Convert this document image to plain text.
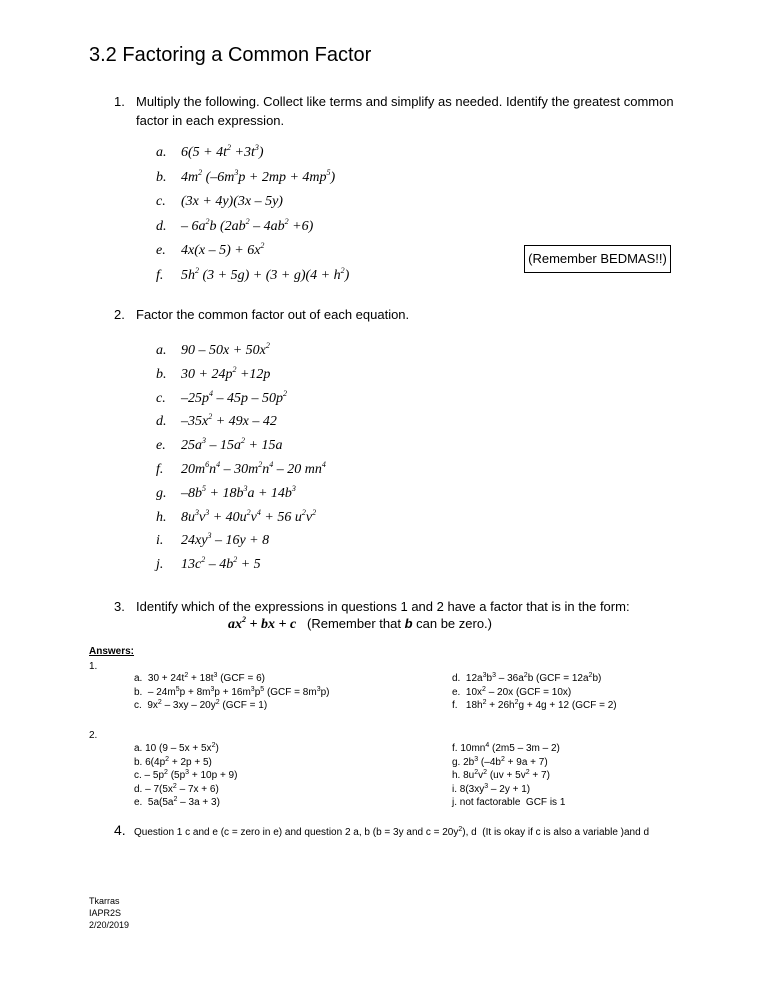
3.2 Factoring a Common Factor
1. Multiply the following. Collect like terms and simplify as needed. Identify the greatest common
factor in each expression.
a. $6(5 + 4t^2 +3t^3)$
b. $4m^2$ $(-6m^3p + 2mp + 4mp^5)$
c. (3x + 4y)(3x – 5y)
d. – $6a^2b$ $(2ab^2 - 4ab^2 +6)$
e. $4x(x - 5) + 6x^2$
f. $5h^2$ $(3 + 5g) + (3 + g)(4 + h^2)$
(Remember BEDMAS!!)
2. Factor the common factor out of each equation.
a. $90 - 50x + 50x^2$
b. $30 + 24p^2 +12p$
c. $-25p^4 - 45p - 50p^2$
d. $-35x^2 + 49x - 42$
e. $25a^3 - 15a^2 + 15a$
f. $20m^6n^4 - 30m^2n^4 - 20$ $mn^4$
g. $-8b^5 + 18b^3a + 14b^3$
h. $8u^3v^3 + 40u^2v^4 + 56$ $u^2v^2$
i. $24xy^3 - 16y + 8$
j. $13c^2 - 4b^2 + 5$
3. Identify which of the expressions in questions 1 and 2 have a factor that is in the form:
$ax^2$ + bx + c   (Remember that b can be zero.)
Answers:
1.
a.  $30 + 24t^2 + 18t^3$ (GCF = 6)
b.  – $24m^5p + 8m^3p + 16m^3p^5$ $(GCF = 8m^3p)$
c.  $9x^2 - 3xy - 20y^2$ (GCF = 1)
d.  $12a^3b^3 - 36a^2b$ $(GCF = 12a^2b)$
e.  $10x^2 - 20x$ (GCF = 10x)
f.   $18h^2 + 26h^2g + 4g + 12$ (GCF = 2)
2.
a. 10 $(9 - 5x + 5x^2)$
b. $6(4p^2 + 2p + 5)$
c. – $5p^2$ $(5p^3 + 10p + 9)$
d. – $7(5x^2 - 7x + 6)$
e.  $5a(5a^2 - 3a + 3)$
f. $10mn^4$ (2m5 – 3m – 2)
g. $2b^3$ $(-4b^2 + 9a + 7)$
h. $8u^2v^2$ $(uv + 5v^2 + 7)$
i. $8(3xy^3 - 2y + 1)$
j. not factorable  GCF is 1
4. Question 1 c and e (c = zero in e) and question 2 a, b (b = 3y and $c = 20y^2$), d  (It is okay if c is also a variable )and d
Tkarras
IAPR2S
2/20/2019
